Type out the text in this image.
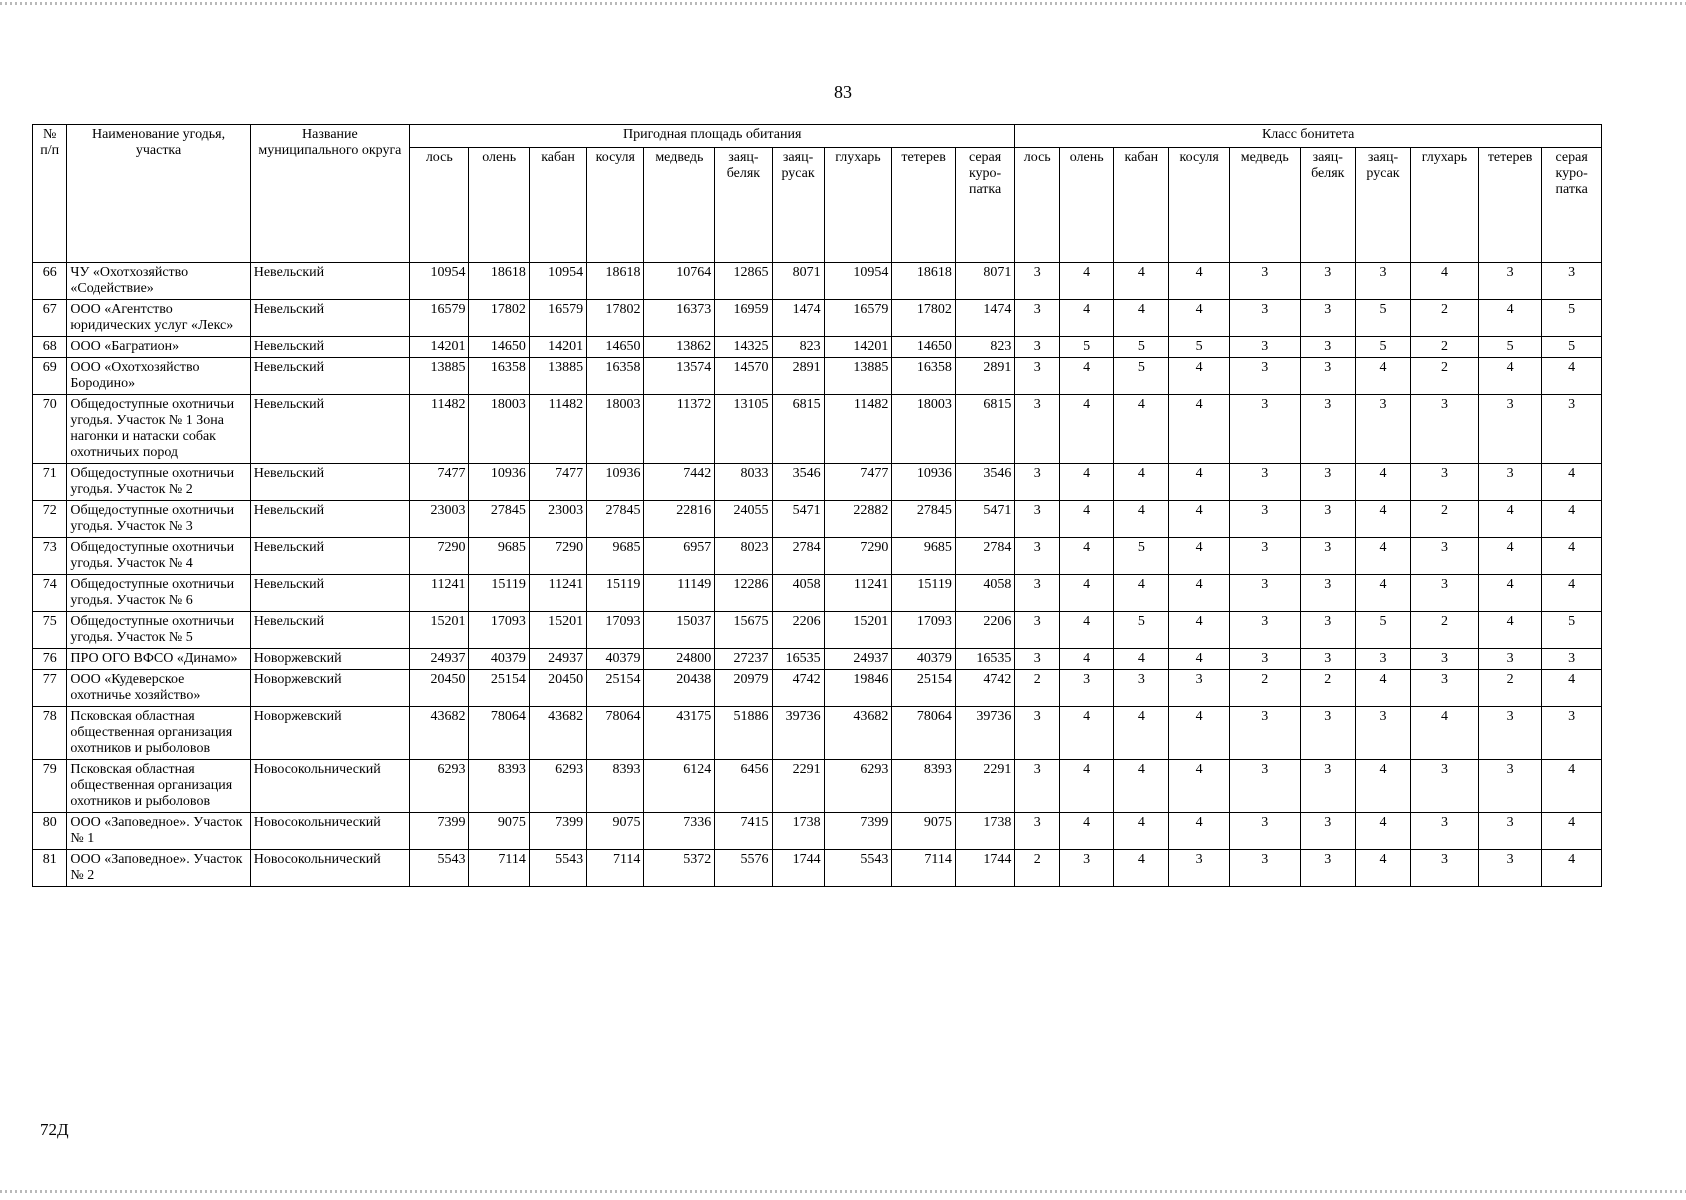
83
№ п/п	Наименование угодья, участка	Название муниципального округа	Пригодная площадь обитания										Класс бонитета									
			лось	олень	кабан	косуля	медведь	заяц-беляк	заяц-русак	глухарь	тетерев	серая куро-патка	лось	олень	кабан	косуля	медведь	заяц-беляк	заяц-русак	глухарь	тетерев	серая куро-патка
66	ЧУ «Охотхозяйство «Содействие»	Невельский	10954	18618	10954	18618	10764	12865	8071	10954	18618	8071	3	4	4	4	3	3	3	4	3	3
67	ООО «Агентство юридических услуг «Лекс»	Невельский	16579	17802	16579	17802	16373	16959	1474	16579	17802	1474	3	4	4	4	3	3	5	2	4	5
68	ООО «Багратион»	Невельский	14201	14650	14201	14650	13862	14325	823	14201	14650	823	3	5	5	5	3	3	5	2	5	5
69	ООО «Охотхозяйство Бородино»	Невельский	13885	16358	13885	16358	13574	14570	2891	13885	16358	2891	3	4	5	4	3	3	4	2	4	4
70	Общедоступные охотничьи угодья. Участок № 1 Зона нагонки и натаски собак охотничьих пород	Невельский	11482	18003	11482	18003	11372	13105	6815	11482	18003	6815	3	4	4	4	3	3	3	3	3	3
71	Общедоступные охотничьи угодья. Участок № 2	Невельский	7477	10936	7477	10936	7442	8033	3546	7477	10936	3546	3	4	4	4	3	3	4	3	3	4
72	Общедоступные охотничьи угодья. Участок № 3	Невельский	23003	27845	23003	27845	22816	24055	5471	22882	27845	5471	3	4	4	4	3	3	4	2	4	4
73	Общедоступные охотничьи угодья. Участок № 4	Невельский	7290	9685	7290	9685	6957	8023	2784	7290	9685	2784	3	4	5	4	3	3	4	3	4	4
74	Общедоступные охотничьи угодья. Участок № 6	Невельский	11241	15119	11241	15119	11149	12286	4058	11241	15119	4058	3	4	4	4	3	3	4	3	4	4
75	Общедоступные охотничьи угодья. Участок № 5	Невельский	15201	17093	15201	17093	15037	15675	2206	15201	17093	2206	3	4	5	4	3	3	5	2	4	5
76	ПРО ОГО ВФСО «Динамо»	Новоржевский	24937	40379	24937	40379	24800	27237	16535	24937	40379	16535	3	4	4	4	3	3	3	3	3	3
77	ООО «Кудеверское охотничье хозяйство»	Новоржевский	20450	25154	20450	25154	20438	20979	4742	19846	25154	4742	2	3	3	3	2	2	4	3	2	4
78	Псковская областная общественная организация охотников и рыболовов	Новоржевский	43682	78064	43682	78064	43175	51886	39736	43682	78064	39736	3	4	4	4	3	3	3	4	3	3
79	Псковская областная общественная организация охотников и рыболовов	Новосокольнический	6293	8393	6293	8393	6124	6456	2291	6293	8393	2291	3	4	4	4	3	3	4	3	3	4
80	ООО «Заповедное». Участок № 1	Новосокольнический	7399	9075	7399	9075	7336	7415	1738	7399	9075	1738	3	4	4	4	3	3	4	3	3	4
81	ООО «Заповедное». Участок № 2	Новосокольнический	5543	7114	5543	7114	5372	5576	1744	5543	7114	1744	2	3	4	3	3	3	4	3	3	4
72Д
